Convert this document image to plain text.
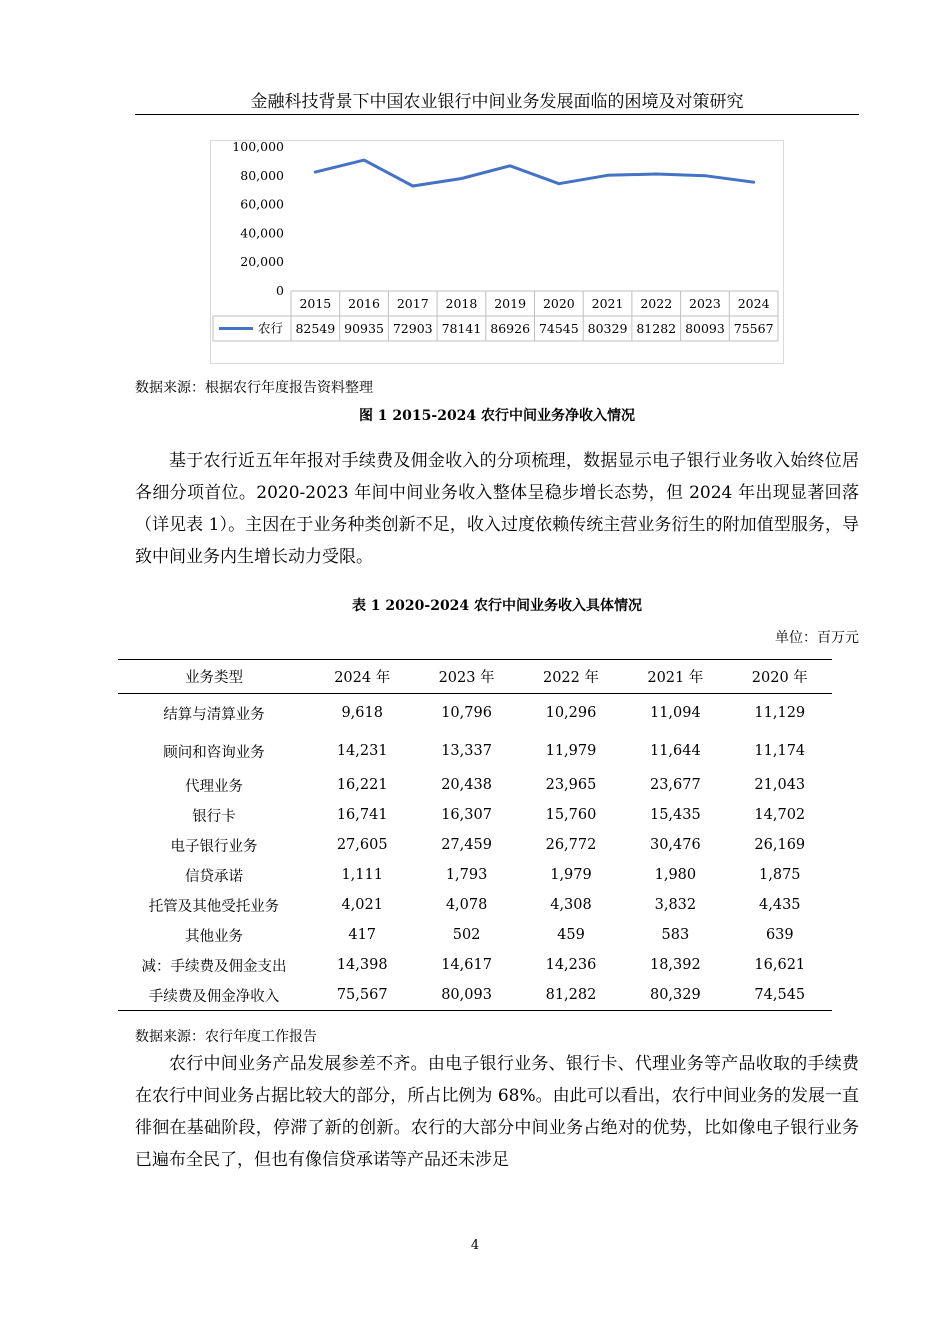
金融科技背景下中国农业银行中间业务发展面临的困境及对策研究
0
20,000
40,000
60,000
80,000
100,000
2015 2016 2017 2018 2019 2020 2021 2022 2023 2024
农行 82549 90935 72903 78141 86926 74545 80329 81282 80093 75567
数据来源：根据农行年度报告资料整理
图 1 2015-2024 农行中间业务净收入情况

基于农行近五年年报对手续费及佣金收入的分项梳理，数据显示电子银行业务收入始终位居各细分项首位。2020-2023 年间中间业务收入整体呈稳步增长态势，但 2024 年出现显著回落（详见表 1）。主因在于业务种类创新不足，收入过度依赖传统主营业务衍生的附加值型服务，导致中间业务内生增长动力受限。

表 1 2020-2024 农行中间业务收入具体情况
单位：百万元
业务类型	2024 年	2023 年	2022 年	2021 年	2020 年
结算与清算业务	9,618	10,796	10,296	11,094	11,129
顾问和咨询业务	14,231	13,337	11,979	11,644	11,174
代理业务	16,221	20,438	23,965	23,677	21,043
银行卡	16,741	16,307	15,760	15,435	14,702
电子银行业务	27,605	27,459	26,772	30,476	26,169
信贷承诺	1,111	1,793	1,979	1,980	1,875
托管及其他受托业务	4,021	4,078	4,308	3,832	4,435
其他业务	417	502	459	583	639
减：手续费及佣金支出	14,398	14,617	14,236	18,392	16,621
手续费及佣金净收入	75,567	80,093	81,282	80,329	74,545
数据来源：农行年度工作报告

农行中间业务产品发展参差不齐。由电子银行业务、银行卡、代理业务等产品收取的手续费在农行中间业务占据比较大的部分，所占比例为 68%。由此可以看出，农行中间业务的发展一直徘徊在基础阶段，停滞了新的创新。农行的大部分中间业务占绝对的优势，比如像电子银行业务已遍布全民了，但也有像信贷承诺等产品还未涉足

4
